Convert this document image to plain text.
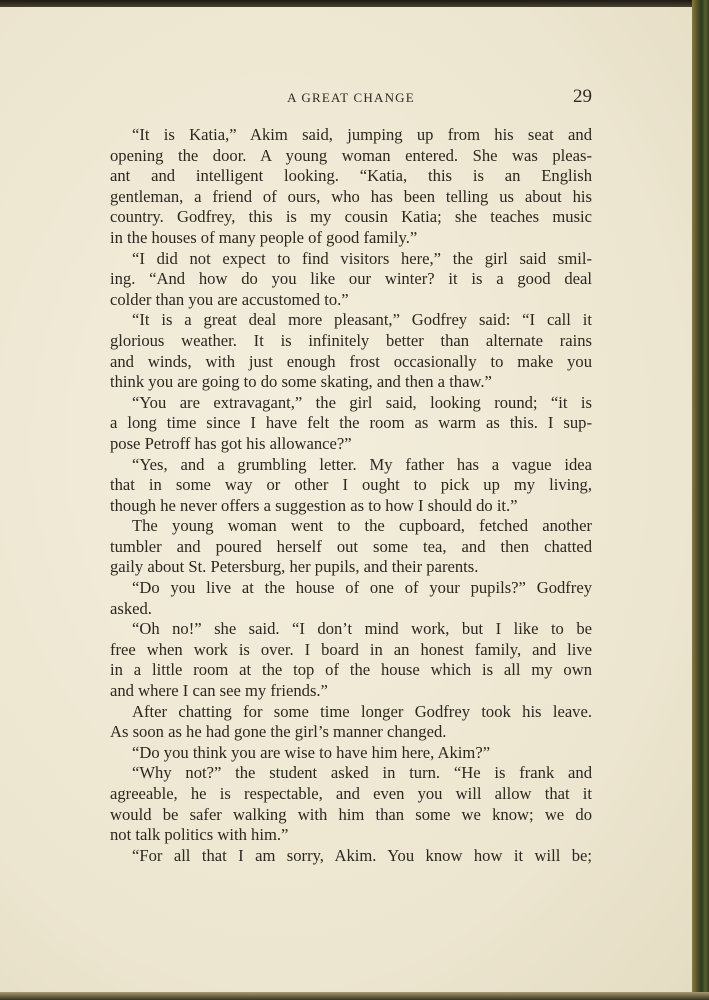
A GREAT CHANGE	29
“It is Katia,” Akim said, jumping up from his seat and
opening the door. A young woman entered. She was pleas-
ant and intelligent looking. “Katia, this is an English
gentleman, a friend of ours, who has been telling us about his
country. Godfrey, this is my cousin Katia; she teaches music
in the houses of many people of good family.”
“I did not expect to find visitors here,” the girl said smil-
ing. “And how do you like our winter? it is a good deal
colder than you are accustomed to.”
“It is a great deal more pleasant,” Godfrey said: “I call it
glorious weather. It is infinitely better than alternate rains
and winds, with just enough frost occasionally to make you
think you are going to do some skating, and then a thaw.”
“You are extravagant,” the girl said, looking round; “it is
a long time since I have felt the room as warm as this. I sup-
pose Petroff has got his allowance?”
“Yes, and a grumbling letter. My father has a vague idea
that in some way or other I ought to pick up my living,
though he never offers a suggestion as to how I should do it.”
The young woman went to the cupboard, fetched another
tumbler and poured herself out some tea, and then chatted
gaily about St. Petersburg, her pupils, and their parents.
“Do you live at the house of one of your pupils?” Godfrey
asked.
“Oh no!” she said. “I don’t mind work, but I like to be
free when work is over. I board in an honest family, and live
in a little room at the top of the house which is all my own
and where I can see my friends.”
After chatting for some time longer Godfrey took his leave.
As soon as he had gone the girl’s manner changed.
“Do you think you are wise to have him here, Akim?”
“Why not?” the student asked in turn. “He is frank and
agreeable, he is respectable, and even you will allow that it
would be safer walking with him than some we know; we do
not talk politics with him.”
“For all that I am sorry, Akim. You know how it will be;
